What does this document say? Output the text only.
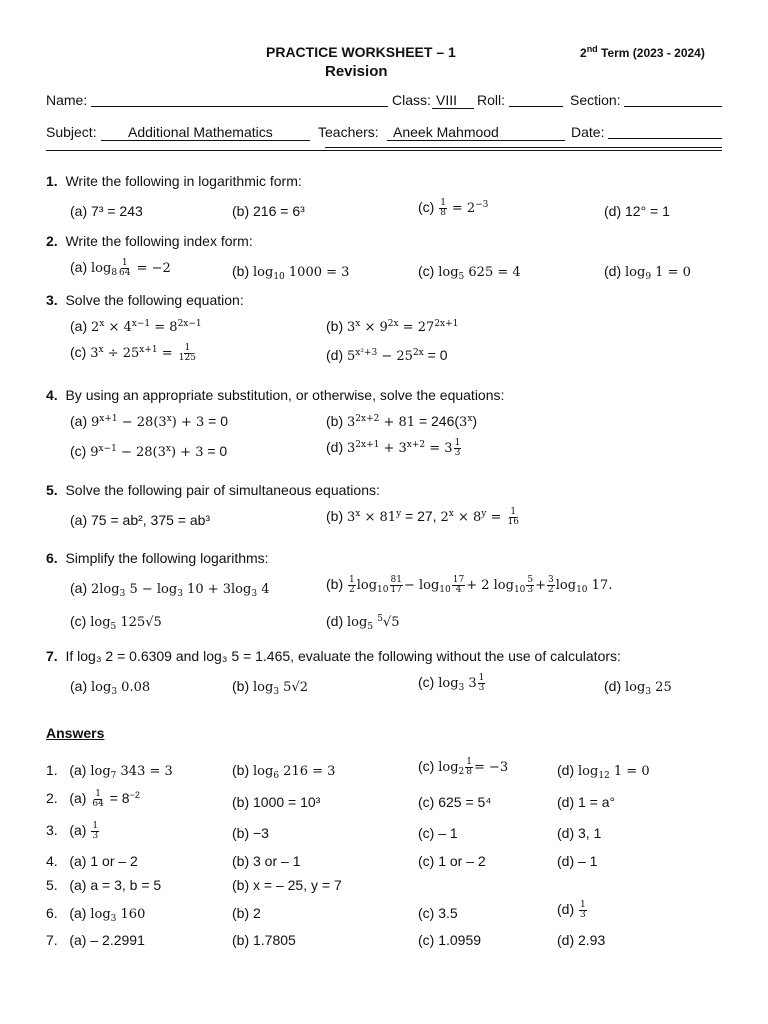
PRACTICE WORKSHEET – 1
Revision
2nd Term (2023 - 2024)
Name:	Class: VIII	Roll:	Section:
Subject:	Additional Mathematics	Teachers:	Aneek Mahmood	Date:
1. Write the following in logarithmic form:
(a) 7³ = 243	(b) 216 = 6³	$(c) \frac{1}{8} = 2^{-3}$	(d) 12° = 1
2. Write the following index form:
(a) $\log_8 \frac{1}{64} = -2$	(b) $\log_{10} 1000 = 3$	(c) $\log_5 625 = 4$	(d) $\log_9 1 = 0$
3. Solve the following equation:
(a) $2^x \times 4^{x-1} = 8^{2x-1}$	(b) $3^x \times 9^{2x} = 27^{2x+1}$
(c) $3^x \div 25^{x+1} = \frac{1}{125}$	(d) $5^{x^2+3} - 25^{2x} = 0$
4. By using an appropriate substitution, or otherwise, solve the equations:
(a) $9^{x+1} - 28(3^x) + 3 = 0$	(b) $3^{2x+2} + 81 = 246(3^x)$
(c) $9^{x-1} - 28(3^x) + 3 = 0$	(d) $3^{2x+1} + 3^{x+2} = 3 \frac{1}{3}$
5. Solve the following pair of simultaneous equations:
(a) 75 = ab², 375 = ab³	(b) $3^x \times 81^y = 27$, $2^x \times 8^y = \frac{1}{16}$
6. Simplify the following logarithms:
(a) $2\log_3$ $5 - \log_3 10 + 3\log_3$ 4	$(b) \frac{1}{2} \log_{10} \frac{81}{17} - \log_{10} \frac{17}{4} + 2$ $\log_{10} \frac{5}{3} + \frac{3}{2} \log_{10} 17$.
(c) $\log_5 125√5$	(d) $\log_5 ^5√5$
7. If log₃ 2 = 0.6309 and log₃ 5 = 1.465, evaluate the following without the use of calculators:
(a) $\log_3 0.08$	(b) $\log_3 5√2$	(c) $\log_3 3 \frac{1}{3}$	(d) $\log_3 25$
Answers
1.   (a) $\log_7 343 = 3$	(b) $\log_6 216 = 3$	(c) $\log_2 \frac{1}{8} = -3$	(d) $\log_{12} 1 = 0$
2.   $(a) \frac{1}{64} = 8^{-2}$	(b) 1000 = 10³	(c) 625 = 5⁴	(d) 1 = a°
3.   $(a) \frac{1}{3}$	(b) −3	(c) – 1	(d) 3, 1
4.   (a) 1 or – 2	(b) 3 or – 1	(c) 1 or – 2	(d) – 1
5.   (a) a = 3, b = 5	(b) x = – 25, y = 7
6.   (a) $\log_3 160$	(b) 2	(c) 3.5	$(d) \frac{1}{3}$
7.   (a) – 2.2991	(b) 1.7805	(c) 1.0959	(d) 2.93
